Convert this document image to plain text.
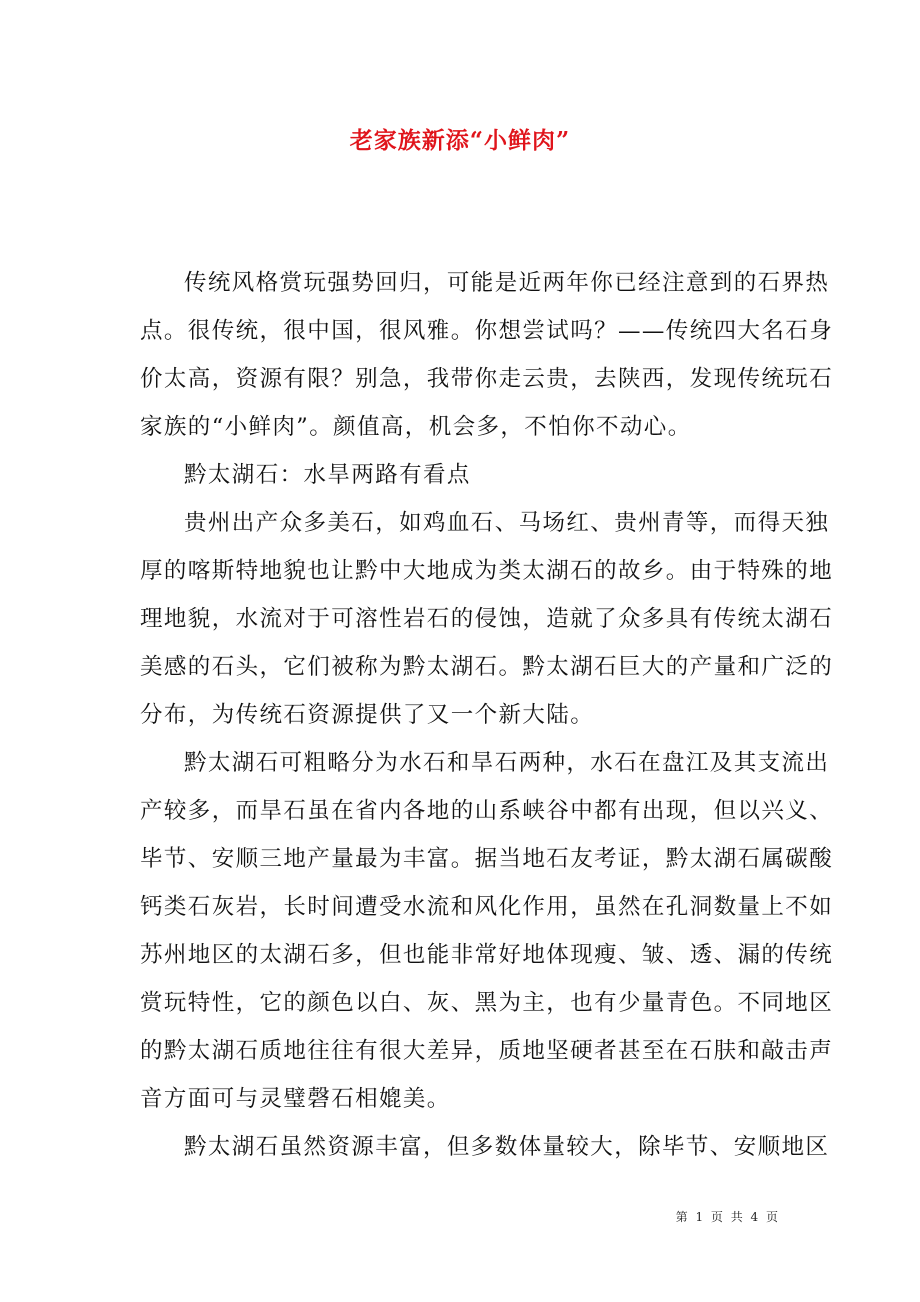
老家族新添“小鲜肉”
传统风格赏玩强势回归，可能是近两年你已经注意到的石界热
点。很传统，很中国，很风雅。你想尝试吗？——传统四大名石身
价太高，资源有限？别急，我带你走云贵，去陕西，发现传统玩石
家族的“小鲜肉”。颜值高，机会多，不怕你不动心。
黔太湖石：水旱两路有看点
贵州出产众多美石，如鸡血石、马场红、贵州青等，而得天独
厚的喀斯特地貌也让黔中大地成为类太湖石的故乡。由于特殊的地
理地貌，水流对于可溶性岩石的侵蚀，造就了众多具有传统太湖石
美感的石头，它们被称为黔太湖石。黔太湖石巨大的产量和广泛的
分布，为传统石资源提供了又一个新大陆。
黔太湖石可粗略分为水石和旱石两种，水石在盘江及其支流出
产较多，而旱石虽在省内各地的山系峡谷中都有出现，但以兴义、
毕节、安顺三地产量最为丰富。据当地石友考证，黔太湖石属碳酸
钙类石灰岩，长时间遭受水流和风化作用，虽然在孔洞数量上不如
苏州地区的太湖石多，但也能非常好地体现瘦、皱、透、漏的传统
赏玩特性，它的颜色以白、灰、黑为主，也有少量青色。不同地区
的黔太湖石质地往往有很大差异，质地坚硬者甚至在石肤和敲击声
音方面可与灵璧磬石相媲美。
黔太湖石虽然资源丰富，但多数体量较大，除毕节、安顺地区
第 1 页 共 4 页
